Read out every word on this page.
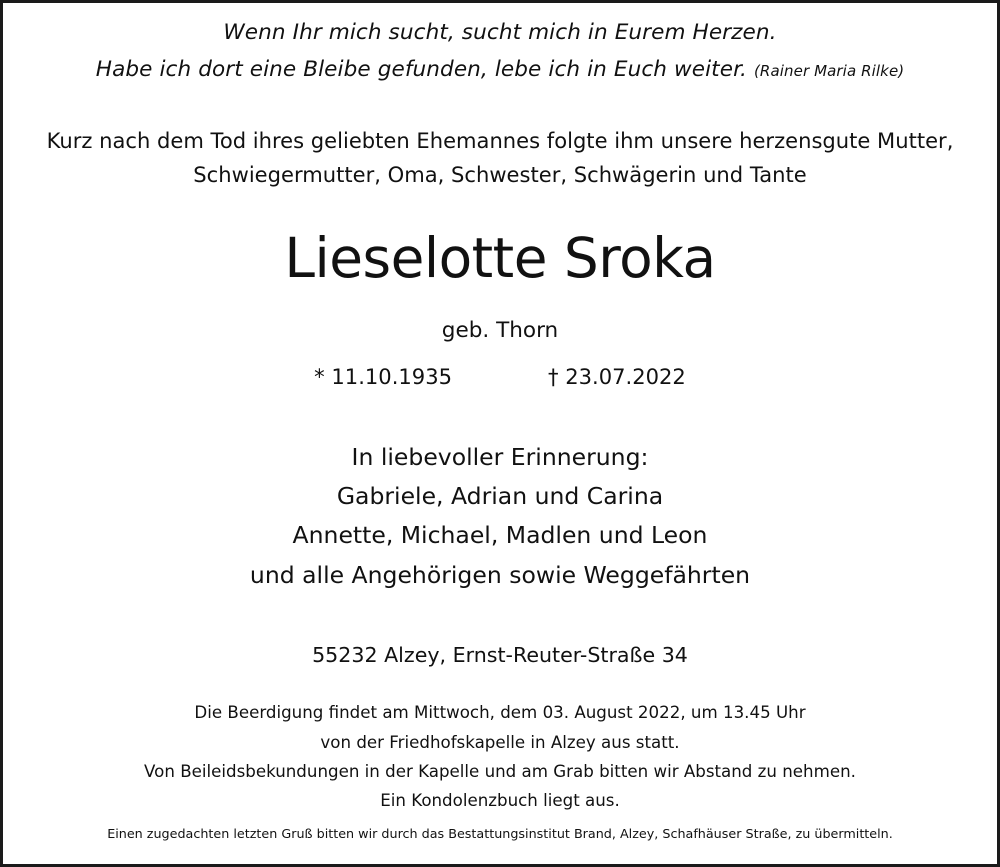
Wenn Ihr mich sucht, sucht mich in Eurem Herzen.
Habe ich dort eine Bleibe gefunden, lebe ich in Euch weiter. (Rainer Maria Rilke)
Kurz nach dem Tod ihres geliebten Ehemannes folgte ihm unsere herzensgute Mutter,
Schwiegermutter, Oma, Schwester, Schwägerin und Tante
Lieselotte Sroka
geb. Thorn
* 11.10.1935	† 23.07.2022
In liebevoller Erinnerung:
Gabriele, Adrian und Carina
Annette, Michael, Madlen und Leon
und alle Angehörigen sowie Weggefährten
55232 Alzey, Ernst-Reuter-Straße 34
Die Beerdigung findet am Mittwoch, dem 03. August 2022, um 13.45 Uhr
von der Friedhofskapelle in Alzey aus statt.
Von Beileidsbekundungen in der Kapelle und am Grab bitten wir Abstand zu nehmen.
Ein Kondolenzbuch liegt aus.
Einen zugedachten letzten Gruß bitten wir durch das Bestattungsinstitut Brand, Alzey, Schafhäuser Straße, zu übermitteln.
